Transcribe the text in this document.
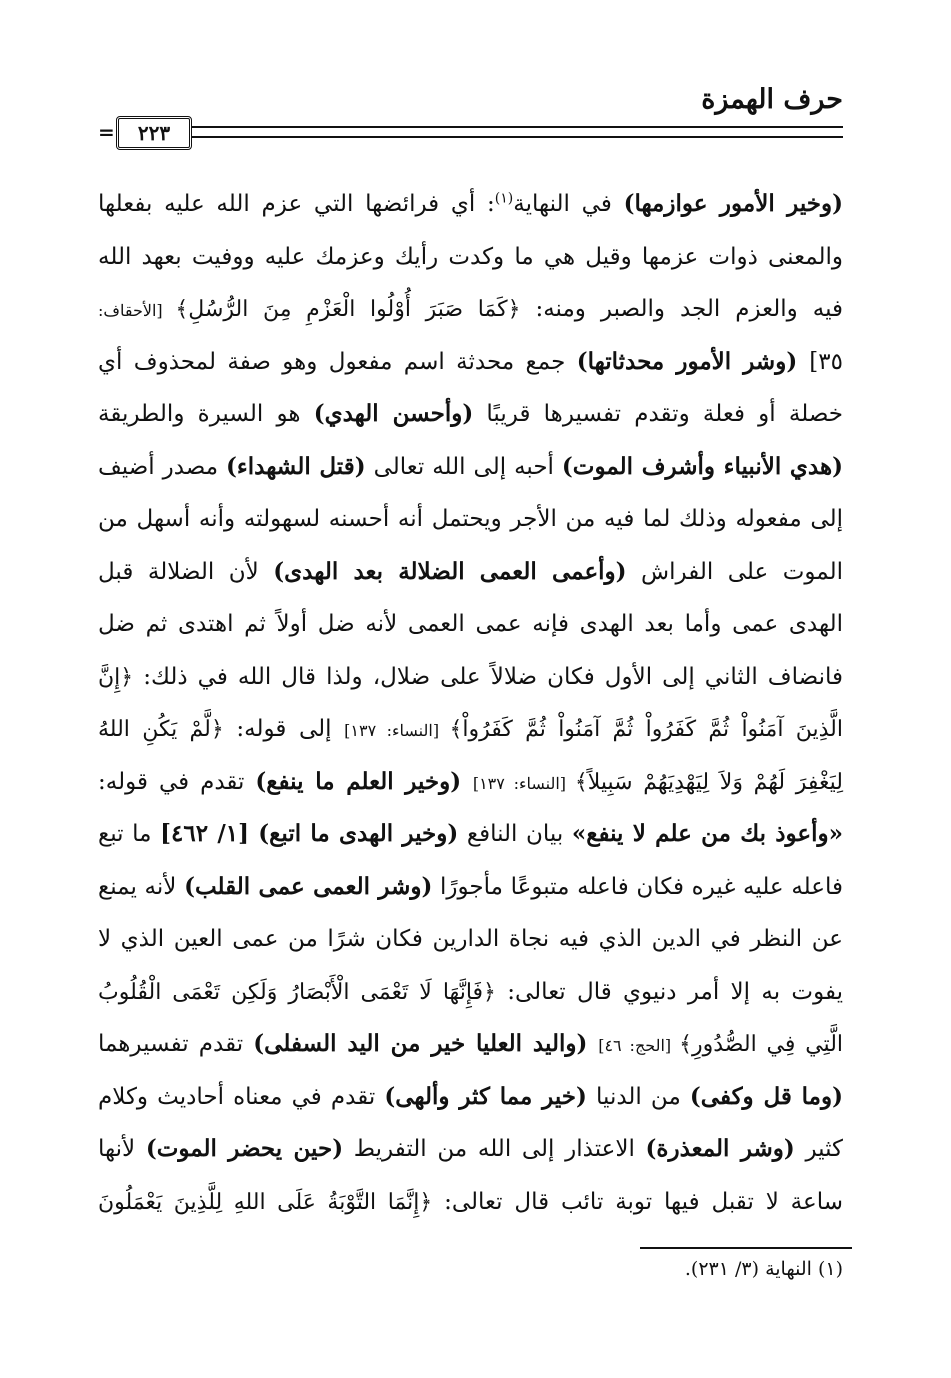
حرف الهمزة
٢٢٣
=
(وخير الأمور عوازمها) في النهاية$^{(١)}$: أي فرائضها التي عزم الله عليه بفعلها
والمعنى ذوات عزمها وقيل هي ما وكدت رأيك وعزمك عليه ووفيت بعهد الله
فيه والعزم الجد والصبر ومنه: ﴿كَمَا صَبَرَ أُوْلُوا الْعَزْمِ مِنَ الرُّسُلِ﴾ [الأحقاف:
٣٥] (وشر الأمور محدثاتها) جمع محدثة اسم مفعول وهو صفة لمحذوف أي
خصلة أو فعلة وتقدم تفسيرها قريبًا (وأحسن الهدي) هو السيرة والطريقة
(هدي الأنبياء وأشرف الموت) أحبه إلى الله تعالى (قتل الشهداء) مصدر أضيف
إلى مفعوله وذلك لما فيه من الأجر ويحتمل أنه أحسنه لسهولته وأنه أسهل من
الموت على الفراش (وأعمى العمى الضلالة بعد الهدى) لأن الضلالة قبل
الهدى عمى وأما بعد الهدى فإنه عمى العمى لأنه ضل أولاً ثم اهتدى ثم ضل
فانضاف الثاني إلى الأول فكان ضلالاً على ضلال، ولذا قال الله في ذلك: ﴿إِنَّ
الَّذِينَ آمَنُواْ ثُمَّ كَفَرُواْ ثُمَّ آمَنُواْ ثُمَّ كَفَرُواْ﴾ [النساء: ١٣٧] إلى قوله: ﴿لَّمْ يَكُنِ اللهُ
لِيَغْفِرَ لَهُمْ وَلاَ لِيَهْدِيَهُمْ سَبِيلاً﴾ [النساء: ١٣٧] (وخير العلم ما ينفع) تقدم في قوله:
«وأعوذ بك من علم لا ينفع» بيان النافع (وخير الهدى ما اتبع) [١/ ٤٦٢] ما تبع
فاعله عليه غيره فكان فاعله متبوعًا مأجورًا (وشر العمى عمى القلب) لأنه يمنع
عن النظر في الدين الذي فيه نجاة الدارين فكان شرًا من عمى العين الذي لا
يفوت به إلا أمر دنيوي قال تعالى: ﴿فَإِنَّهَا لَا تَعْمَى الْأَبْصَارُ وَلَكِن تَعْمَى الْقُلُوبُ
الَّتِي فِي الصُّدُورِ﴾ [الحج: ٤٦] (واليد العليا خير من اليد السفلى) تقدم تفسيرهما
(وما قل وكفى) من الدنيا (خير مما كثر وألهى) تقدم في معناه أحاديث وكلام
كثير (وشر المعذرة) الاعتذار إلى الله من التفريط (حين يحضر الموت) لأنها
ساعة لا تقبل فيها توبة تائب قال تعالى: ﴿إِنَّمَا التَّوْبَةُ عَلَى اللهِ لِلَّذِينَ يَعْمَلُونَ
(١) النهاية (٣/ ٢٣١).
